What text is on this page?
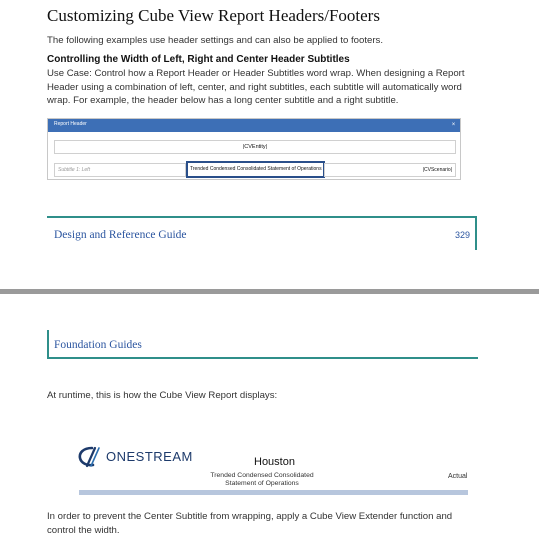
Customizing Cube View Report Headers/Footers
The following examples use header settings and can also be applied to footers.
Controlling the Width of Left, Right and Center Header Subtitles
Use Case: Control how a Report Header or Header Subtitles word wrap. When designing a Report Header using a combination of left, center, and right subtitles, each subtitle will automatically word wrap. For example, the header below has a long center subtitle and a right subtitle.
Report Header	×
|CVEntity|
Subtitle 1: Left	Trended Condensed Consolidated Statement of Operations	|CVScenario|
Design and Reference Guide	329
Foundation Guides
At runtime, this is how the Cube View Report displays:
ONESTREAM	Houston
Trended Condensed Consolidated Statement of Operations
Actual
In order to prevent the Center Subtitle from wrapping, apply a Cube View Extender function and control the width.
